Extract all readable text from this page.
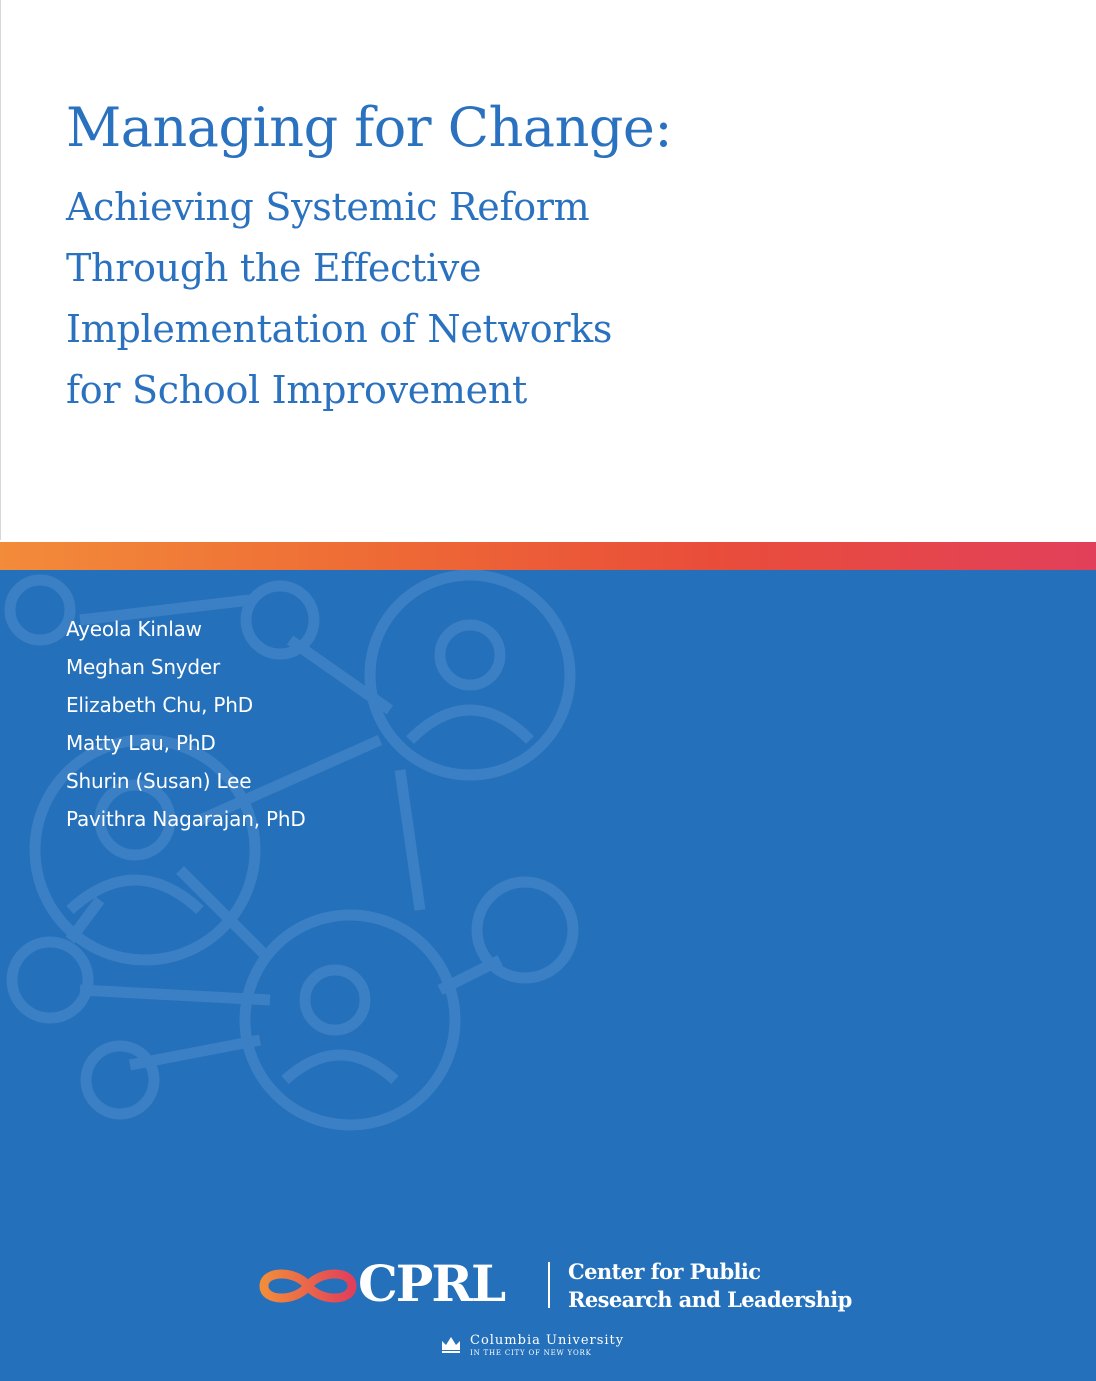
Managing for Change:
Achieving Systemic Reform
Through the Effective
Implementation of Networks
for School Improvement
Ayeola Kinlaw
Meghan Snyder
Elizabeth Chu, PhD
Matty Lau, PhD
Shurin (Susan) Lee
Pavithra Nagarajan, PhD
CPRL	Center for Public
Research and Leadership
Columbia University
IN THE CITY OF NEW YORK
